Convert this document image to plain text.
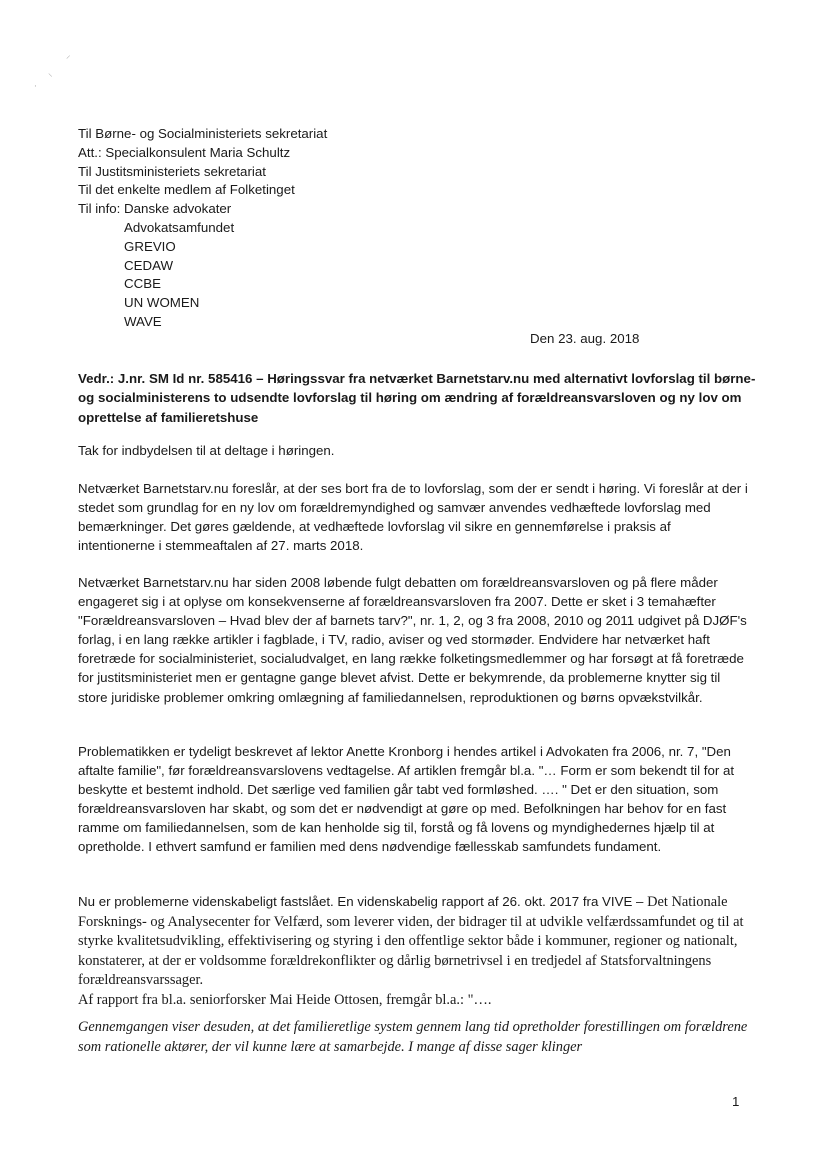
⸝
⸜
·
Til Børne- og Socialministeriets sekretariat
Att.: Specialkonsulent Maria Schultz
Til Justitsministeriets sekretariat
Til det enkelte medlem af Folketinget
Til info: Danske advokater
Advokatsamfundet
GREVIO
CEDAW
CCBE
UN WOMEN
WAVE
Den 23. aug. 2018
Vedr.: J.nr. SM Id nr. 585416 – Høringssvar fra netværket Barnetstarv.nu med alternativt lovforslag til børne- og socialministerens to udsendte lovforslag til høring om ændring af forældreansvarsloven og ny lov om oprettelse af familieretshuse

Tak for indbydelsen til at deltage i høringen.

Netværket Barnetstarv.nu foreslår, at der ses bort fra de to lovforslag, som der er sendt i høring. Vi foreslår at der i stedet som grundlag for en ny lov om forældremyndighed og samvær anvendes vedhæftede lovforslag med bemærkninger. Det gøres gældende, at vedhæftede lovforslag vil sikre en gennemførelse i praksis af intentionerne i stemmeaftalen af 27. marts 2018.

Netværket Barnetstarv.nu har siden 2008 løbende fulgt debatten om forældreansvarsloven og på flere måder engageret sig i at oplyse om konsekvenserne af forældreansvarsloven fra 2007. Dette er sket i 3 temahæfter "Forældreansvarsloven – Hvad blev der af barnets tarv?", nr. 1, 2, og 3 fra 2008, 2010 og 2011 udgivet på DJØF's forlag, i en lang række artikler i fagblade, i TV, radio, aviser og ved stormøder. Endvidere har netværket haft foretræde for socialministeriet, socialudvalget, en lang række folketingsmedlemmer og har forsøgt at få foretræde for justitsministeriet men er gentagne gange blevet afvist. Dette er bekymrende, da problemerne knytter sig til store juridiske problemer omkring omlægning af familiedannelsen, reproduktionen og børns opvækstvilkår.

Problematikken er tydeligt beskrevet af lektor Anette Kronborg i hendes artikel i Advokaten fra 2006, nr. 7, "Den aftalte familie", før forældreansvarslovens vedtagelse. Af artiklen fremgår bl.a. "… Form er som bekendt til for at beskytte et bestemt indhold. Det særlige ved familien går tabt ved formløshed. …. " Det er den situation, som forældreansvarsloven har skabt, og som det er nødvendigt at gøre op med. Befolkningen har behov for en fast ramme om familiedannelsen, som de kan henholde sig til, forstå og få lovens og myndighedernes hjælp til at opretholde. I ethvert samfund er familien med dens nødvendige fællesskab samfundets fundament.

Nu er problemerne videnskabeligt fastslået. En videnskabelig rapport af 26. okt. 2017 fra VIVE – Det Nationale Forsknings- og Analysecenter for Velfærd, som leverer viden, der bidrager til at udvikle velfærdssamfundet og til at styrke kvalitetsudvikling, effektivisering og styring i den offentlige sektor både i kommuner, regioner og nationalt, konstaterer, at der er voldsomme forældrekonflikter og dårlig børnetrivsel i en tredjedel af Statsforvaltningens forældreansvarssager.
Af rapport fra bl.a. seniorforsker Mai Heide Ottosen, fremgår bl.a.: "….

Gennemgangen viser desuden, at det familieretlige system gennem lang tid opretholder forestillingen om forældrene som rationelle aktører, der vil kunne lære at samarbejde. I mange af disse sager klinger

1
